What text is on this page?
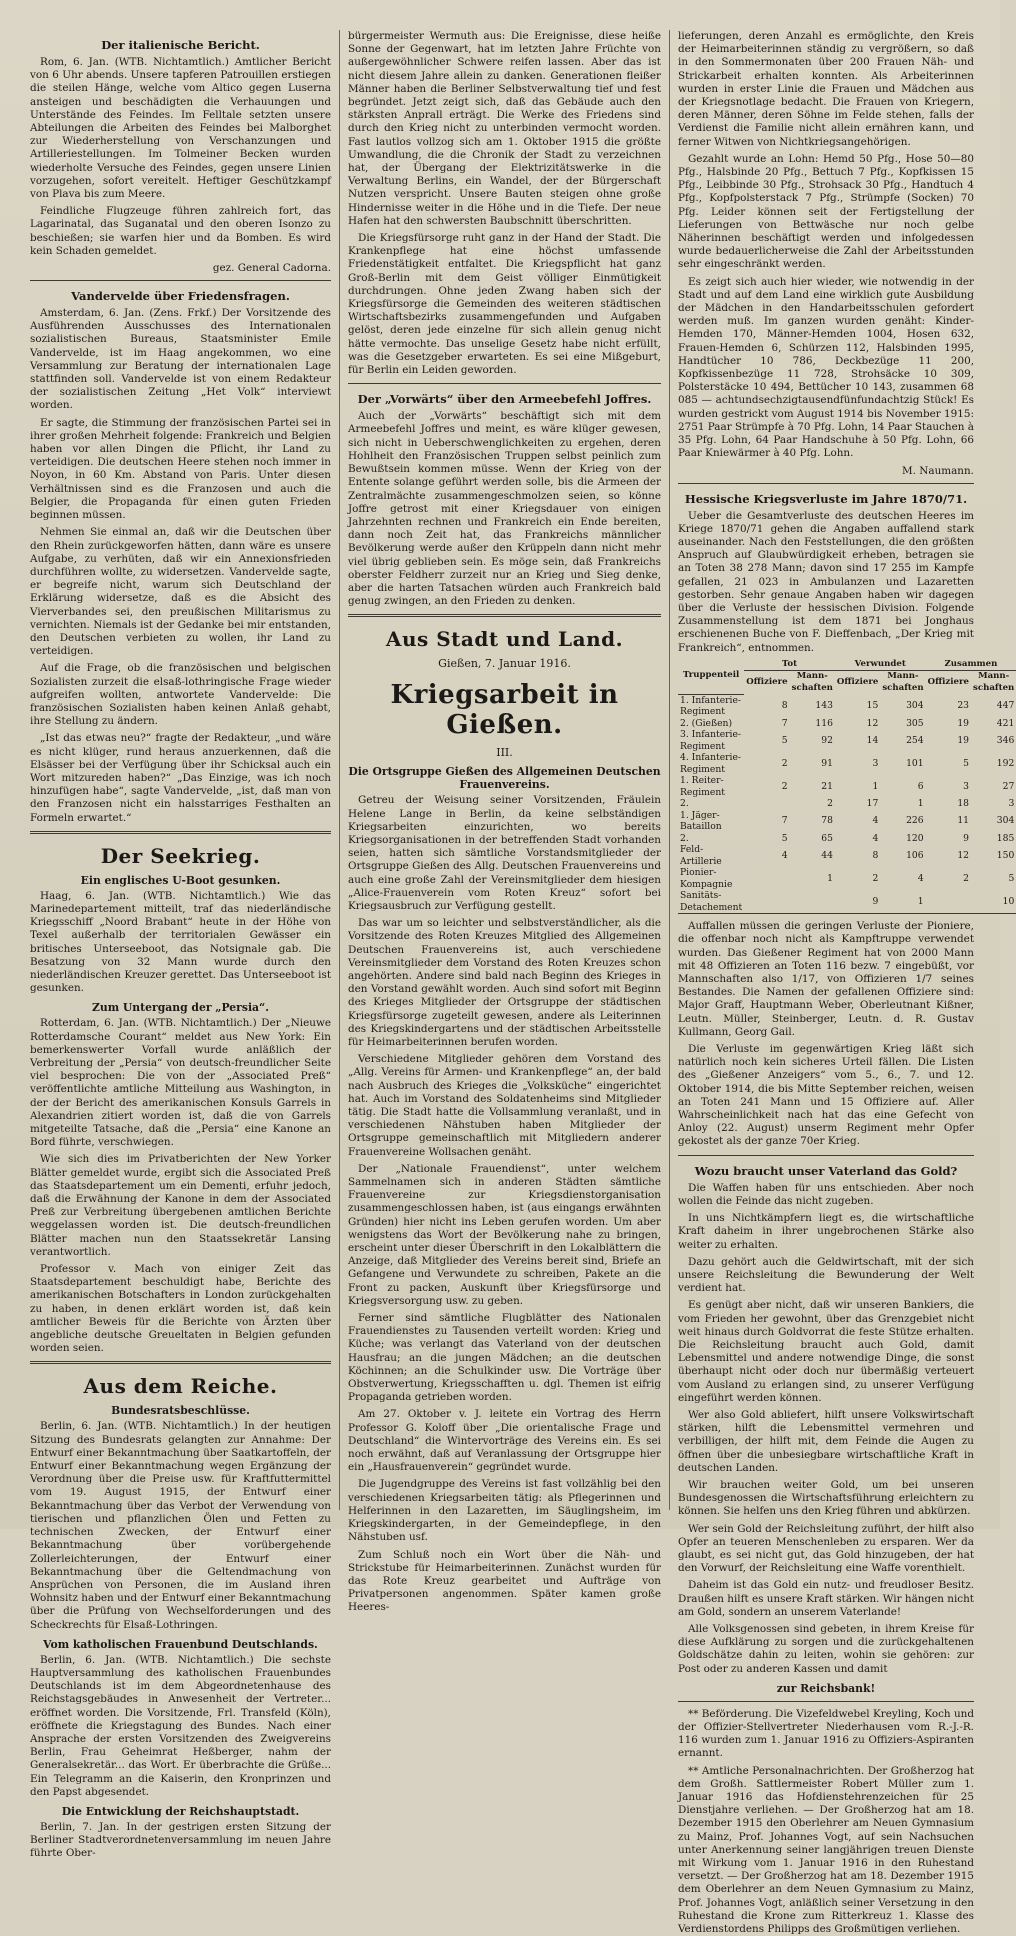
Der italienische Bericht.

Rom, 6. Jan. (WTB. Nichtamtlich.) Amtlicher Bericht von 6 Uhr abends. Unsere tapferen Patrouillen erstiegen die steilen Hänge, welche vom Altico gegen Luserna ansteigen und beschädigten die Verhauungen und Unterstände des Feindes. Im Felltale setzten unsere Abteilungen die Arbeiten des Feindes bei Malborghet zur Wiederherstellung von Verschanzungen und Artilleriestellungen. Im Tolmeiner Becken wurden wiederholte Versuche des Feindes, gegen unsere Linien vorzugehen, sofort vereitelt. Heftiger Geschützkampf von Plava bis zum Meere.

Feindliche Flugzeuge führen zahlreich fort, das Lagarinatal, das Suganatal und den oberen Isonzo zu beschießen; sie warfen hier und da Bomben. Es wird kein Schaden gemeldet.

gez. General Cadorna.
Vandervelde über Friedensfragen.

Amsterdam, 6. Jan. (Zens. Frkf.) Der Vorsitzende des Ausführenden Ausschusses des Internationalen sozialistischen Bureaus, Staatsminister Emile Vandervelde, ist im Haag angekommen, wo eine Versammlung zur Beratung der internationalen Lage stattfinden soll. Vandervelde ist von einem Redakteur der sozialistischen Zeitung „Het Volk“ interviewt worden.

Er sagte, die Stimmung der französischen Partei sei in ihrer großen Mehrheit folgende: Frankreich und Belgien haben vor allen Dingen die Pflicht, ihr Land zu verteidigen. Die deutschen Heere stehen noch immer in Noyon, in 60 Km. Abstand von Paris. Unter diesen Verhältnissen sind es die Franzosen und auch die Belgier, die Propaganda für einen guten Frieden beginnen müssen.

Nehmen Sie einmal an, daß wir die Deutschen über den Rhein zurückgeworfen hätten, dann wäre es unsere Aufgabe, zu verhüten, daß wir ein Annexionsfrieden durchführen wollte, zu widersetzen. Vandervelde sagte, er begreife nicht, warum sich Deutschland der Erklärung widersetze, daß es die Absicht des Vierverbandes sei, den preußischen Militarismus zu vernichten. Niemals ist der Gedanke bei mir entstanden, den Deutschen verbieten zu wollen, ihr Land zu verteidigen.

Auf die Frage, ob die französischen und belgischen Sozialisten zurzeit die elsaß-lothringische Frage wieder aufgreifen wollten, antwortete Vandervelde: Die französischen Sozialisten haben keinen Anlaß gehabt, ihre Stellung zu ändern.

„Ist das etwas neu?“ fragte der Redakteur, „und wäre es nicht klüger, rund heraus anzuerkennen, daß die Elsässer bei der Verfügung über ihr Schicksal auch ein Wort mitzureden haben?“ „Das Einzige, was ich noch hinzufügen habe“, sagte Vandervelde, „ist, daß man von den Franzosen nicht ein halsstarriges Festhalten an Formeln erwartet.“

Der Seekrieg.
Ein englisches U-Boot gesunken.

Haag, 6. Jan. (WTB. Nichtamtlich.) Wie das Marinedepartement mitteilt, traf das niederländische Kriegsschiff „Noord Brabant“ heute in der Höhe von Texel außerhalb der territorialen Gewässer ein britisches Unterseeboot, das Notsignale gab. Die Besatzung von 32 Mann wurde durch den niederländischen Kreuzer gerettet. Das Unterseeboot ist gesunken.

Zum Untergang der „Persia“.

Rotterdam, 6. Jan. (WTB. Nichtamtlich.) Der „Nieuwe Rotterdamsche Courant“ meldet aus New York: Ein bemerkenswerter Vorfall wurde anläßlich der Verbreitung der „Persia“ von deutsch-freundlicher Seite viel besprochen: Die von der „Associated Preß“ veröffentlichte amtliche Mitteilung aus Washington, in der der Bericht des amerikanischen Konsuls Garrels in Alexandrien zitiert worden ist, daß die von Garrels mitgeteilte Tatsache, daß die „Persia“ eine Kanone an Bord führte, verschwiegen.

Wie sich dies im Privatberichten der New Yorker Blätter gemeldet wurde, ergibt sich die Associated Preß das Staatsdepartement um ein Dementi, erfuhr jedoch, daß die Erwähnung der Kanone in dem der Associated Preß zur Verbreitung übergebenen amtlichen Berichte weggelassen worden ist. Die deutsch-freundlichen Blätter machen nun den Staatssekretär Lansing verantwortlich.

Professor v. Mach von einiger Zeit das Staatsdepartement beschuldigt habe, Berichte des amerikanischen Botschafters in London zurückgehalten zu haben, in denen erklärt worden ist, daß kein amtlicher Beweis für die Berichte von Ärzten über angebliche deutsche Greueltaten in Belgien gefunden worden seien.

Aus dem Reiche.
Bundesratsbeschlüsse.

Berlin, 6. Jan. (WTB. Nichtamtlich.) In der heutigen Sitzung des Bundesrats gelangten zur Annahme: Der Entwurf einer Bekanntmachung über Saatkartoffeln, der Entwurf einer Bekanntmachung wegen Ergänzung der Verordnung über die Preise usw. für Kraftfuttermittel vom 19. August 1915, der Entwurf einer Bekanntmachung über das Verbot der Verwendung von tierischen und pflanzlichen Ölen und Fetten zu technischen Zwecken, der Entwurf einer Bekanntmachung über vorübergehende Zollerleichterungen, der Entwurf einer Bekanntmachung über die Geltendmachung von Ansprüchen von Personen, die im Ausland ihren Wohnsitz haben und der Entwurf einer Bekanntmachung über die Prüfung von Wechselforderungen und des Scheckrechts für Elsaß-Lothringen.

Vom katholischen Frauenbund Deutschlands.

Berlin, 6. Jan. (WTB. Nichtamtlich.) Die sechste Hauptversammlung des katholischen Frauenbundes Deutschlands ist im dem Abgeordnetenhause des Reichstagsgebäudes in Anwesenheit der Vertreter... eröffnet worden. Die Vorsitzende, Frl. Transfeld (Köln), eröffnete die Kriegstagung des Bundes. Nach einer Ansprache der ersten Vorsitzenden des Zweigvereins Berlin, Frau Geheimrat Heßberger, nahm der Generalsekretär... das Wort. Er überbrachte die Grüße... Ein Telegramm an die Kaiserin, den Kronprinzen und den Papst abgesendet.

Die Entwicklung der Reichshauptstadt.

Berlin, 7. Jan. In der gestrigen ersten Sitzung der Berliner Stadtverordnetenversammlung im neuen Jahre führte Ober-

bürgermeister Wermuth aus: Die Ereignisse, diese heiße Sonne der Gegenwart, hat im letzten Jahre Früchte von außergewöhnlicher Schwere reifen lassen. Aber das ist nicht diesem Jahre allein zu danken. Generationen fleißer Männer haben die Berliner Selbstverwaltung tief und fest begründet. Jetzt zeigt sich, daß das Gebäude auch den stärksten Anprall erträgt. Die Werke des Friedens sind durch den Krieg nicht zu unterbinden vermocht worden. Fast lautlos vollzog sich am 1. Oktober 1915 die größte Umwandlung, die die Chronik der Stadt zu verzeichnen hat, der Übergang der Elektrizitätswerke in die Verwaltung Berlins, ein Wandel, der der Bürgerschaft Nutzen verspricht. Unsere Bauten steigen ohne große Hindernisse weiter in die Höhe und in die Tiefe. Der neue Hafen hat den schwersten Baubschnitt überschritten.

Die Kriegsfürsorge ruht ganz in der Hand der Stadt. Die Krankenpflege hat eine höchst umfassende Friedenstätigkeit entfaltet. Die Kriegspflicht hat ganz Groß-Berlin mit dem Geist völliger Einmütigkeit durchdrungen. Ohne jeden Zwang haben sich der Kriegsfürsorge die Gemeinden des weiteren städtischen Wirtschaftsbezirks zusammengefunden und Aufgaben gelöst, deren jede einzelne für sich allein genug nicht hätte vermochte. Das unselige Gesetz habe nicht erfüllt, was die Gesetzgeber erwarteten. Es sei eine Mißgeburt, für Berlin ein Leiden geworden.

Der „Vorwärts“ über den Armeebefehl Joffres.

Auch der „Vorwärts“ beschäftigt sich mit dem Armeebefehl Joffres und meint, es wäre klüger gewesen, sich nicht in Ueberschwenglichkeiten zu ergehen, deren Hohlheit den Französischen Truppen selbst peinlich zum Bewußtsein kommen müsse. Wenn der Krieg von der Entente solange geführt werden solle, bis die Armeen der Zentralmächte zusammengeschmolzen seien, so könne Joffre getrost mit einer Kriegsdauer von einigen Jahrzehnten rechnen und Frankreich ein Ende bereiten, dann noch Zeit hat, das Frankreichs männlicher Bevölkerung werde außer den Krüppeln dann nicht mehr viel übrig geblieben sein. Es möge sein, daß Frankreichs oberster Feldherr zurzeit nur an Krieg und Sieg denke, aber die harten Tatsachen würden auch Frankreich bald genug zwingen, an den Frieden zu denken.

Aus Stadt und Land.
Gießen, 7. Januar 1916.
Kriegsarbeit in Gießen.
III.
Die Ortsgruppe Gießen des Allgemeinen Deutschen Frauenvereins.

Getreu der Weisung seiner Vorsitzenden, Fräulein Helene Lange in Berlin, da keine selbständigen Kriegsarbeiten einzurichten, wo bereits Kriegsorganisationen in der betreffenden Stadt vorhanden seien, hatten sich sämtliche Vorstandsmitglieder der Ortsgruppe Gießen des Allg. Deutschen Frauenvereins und auch eine große Zahl der Vereinsmitglieder dem hiesigen „Alice-Frauenverein vom Roten Kreuz“ sofort bei Kriegsausbruch zur Verfügung gestellt.

Das war um so leichter und selbstverständlicher, als die Vorsitzende des Roten Kreuzes Mitglied des Allgemeinen Deutschen Frauenvereins ist, auch verschiedene Vereinsmitglieder dem Vorstand des Roten Kreuzes schon angehörten. Andere sind bald nach Beginn des Krieges in den Vorstand gewählt worden. Auch sind sofort mit Beginn des Krieges Mitglieder der Ortsgruppe der städtischen Kriegsfürsorge zugeteilt gewesen, andere als Leiterinnen des Kriegskindergartens und der städtischen Arbeitsstelle für Heimarbeiterinnen berufen worden.

Verschiedene Mitglieder gehören dem Vorstand des „Allg. Vereins für Armen- und Krankenpflege“ an, der bald nach Ausbruch des Krieges die „Volksküche“ eingerichtet hat. Auch im Vorstand des Soldatenheims sind Mitglieder tätig. Die Stadt hatte die Vollsammlung veranlaßt, und in verschiedenen Nähstuben haben Mitglieder der Ortsgruppe gemeinschaftlich mit Mitgliedern anderer Frauenvereine Wollsachen genäht.

Der „Nationale Frauendienst“, unter welchem Sammelnamen sich in anderen Städten sämtliche Frauenvereine zur Kriegsdienstorganisation zusammengeschlossen haben, ist (aus eingangs erwähnten Gründen) hier nicht ins Leben gerufen worden. Um aber wenigstens das Wort der Bevölkerung nahe zu bringen, erscheint unter dieser Überschrift in den Lokalblättern die Anzeige, daß Mitglieder des Vereins bereit sind, Briefe an Gefangene und Verwundete zu schreiben, Pakete an die Front zu packen, Auskunft über Kriegsfürsorge und Kriegsversorgung usw. zu geben.

Ferner sind sämtliche Flugblätter des Nationalen Frauendienstes zu Tausenden verteilt worden: Krieg und Küche; was verlangt das Vaterland von der deutschen Hausfrau; an die jungen Mädchen; an die deutschen Köchinnen; an die Schulkinder usw. Die Vorträge über Obstverwertung, Kriegsschafften u. dgl. Themen ist eifrig Propaganda getrieben worden.

Am 27. Oktober v. J. leitete ein Vortrag des Herrn Professor G. Koloff über „Die orientalische Frage und Deutschland“ die Wintervorträge des Vereins ein. Es sei noch erwähnt, daß auf Veranlassung der Ortsgruppe hier ein „Hausfrauenverein“ gegründet wurde.

Die Jugendgruppe des Vereins ist fast vollzählig bei den verschiedenen Kriegsarbeiten tätig: als Pflegerinnen und Helferinnen in den Lazaretten, im Säuglingsheim, im Kriegskindergarten, in der Gemeindepflege, in den Nähstuben usf.

Zum Schluß noch ein Wort über die Näh- und Strickstube für Heimarbeiterinnen. Zunächst wurden für das Rote Kreuz gearbeitet und Aufträge von Privatpersonen angenommen. Später kamen große Heeres-

lieferungen, deren Anzahl es ermöglichte, den Kreis der Heimarbeiterinnen ständig zu vergrößern, so daß in den Sommermonaten über 200 Frauen Näh- und Strickarbeit erhalten konnten. Als Arbeiterinnen wurden in erster Linie die Frauen und Mädchen aus der Kriegsnotlage bedacht. Die Frauen von Kriegern, deren Männer, deren Söhne im Felde stehen, falls der Verdienst die Familie nicht allein ernähren kann, und ferner Witwen von Nichtkriegsangehörigen.

Gezahlt wurde an Lohn: Hemd 50 Pfg., Hose 50—80 Pfg., Halsbinde 20 Pfg., Bettuch 7 Pfg., Kopfkissen 15 Pfg., Leibbinde 30 Pfg., Strohsack 30 Pfg., Handtuch 4 Pfg., Kopfpolsterstack 7 Pfg., Strümpfe (Socken) 70 Pfg. Leider können seit der Fertigstellung der Lieferungen von Bettwäsche nur noch gelbe Näherinnen beschäftigt werden und infolgedessen wurde bedauerlicherweise die Zahl der Arbeitsstunden sehr eingeschränkt werden.

Es zeigt sich auch hier wieder, wie notwendig in der Stadt und auf dem Land eine wirklich gute Ausbildung der Mädchen in den Handarbeitsschulen gefordert werden muß. Im ganzen wurden genäht: Kinder-Hemden 170, Männer-Hemden 1004, Hosen 632, Frauen-Hemden 6, Schürzen 112, Halsbinden 1995, Handtücher 10 786, Deckbezüge 11 200, Kopfkissenbezüge 11 728, Strohsäcke 10 309, Polsterstäcke 10 494, Bettücher 10 143, zusammen 68 085 — achtundsechzigtausendfünfundachtzig Stück! Es wurden gestrickt vom August 1914 bis November 1915: 2751 Paar Strümpfe à 70 Pfg. Lohn, 14 Paar Stauchen à 35 Pfg. Lohn, 64 Paar Handschuhe à 50 Pfg. Lohn, 66 Paar Kniewärmer à 40 Pfg. Lohn.

M. Naumann.
Hessische Kriegsverluste im Jahre 1870/71.

Ueber die Gesamtverluste des deutschen Heeres im Kriege 1870/71 gehen die Angaben auffallend stark auseinander. Nach den Feststellungen, die den größten Anspruch auf Glaubwürdigkeit erheben, betragen sie an Toten 38 278 Mann; davon sind 17 255 im Kampfe gefallen, 21 023 in Ambulanzen und Lazaretten gestorben. Sehr genaue Angaben haben wir dagegen über die Verluste der hessischen Division. Folgende Zusammenstellung ist dem 1871 bei Jonghaus erschienenen Buche von F. Dieffenbach, „Der Krieg mit Frankreich“, entnommen.

Truppenteil	Tot		Verwundet		Zusammen	
	Offiziere	Mann-schaften	Offiziere	Mann-schaften	Offiziere	Mann-schaften
1. Infanterie-Regiment	8	143	15	304	23	447
2. (Gießen)	7	116	12	305	19	421
3. Infanterie-Regiment	5	92	14	254	19	346
4. Infanterie-Regiment	2	91	3	101	5	192
1. Reiter-Regiment	2	21	1	6	3	27
2.		2	17	1	18	3
1. Jäger-Bataillon	7	78	4	226	11	304
2.	5	65	4	120	9	185
Feld-Artillerie	4	44	8	106	12	150
Pionier-Kompagnie		1	2	4	2	5
Sanitäts-Detachement			9	1		10

Auffallen müssen die geringen Verluste der Pioniere, die offenbar noch nicht als Kampftruppe verwendet wurden. Das Gießener Regiment hat von 2000 Mann mit 48 Offizieren an Toten 116 bezw. 7 eingebüßt, vor Mannschaften also 1/17, von Offizieren 1/7 seines Bestandes. Die Namen der gefallenen Offiziere sind: Major Graff, Hauptmann Weber, Oberleutnant Kißner, Leutn. Müller, Steinberger, Leutn. d. R. Gustav Kullmann, Georg Gail.

Die Verluste im gegenwärtigen Krieg läßt sich natürlich noch kein sicheres Urteil fällen. Die Listen des „Gießener Anzeigers“ vom 5., 6., 7. und 12. Oktober 1914, die bis Mitte September reichen, weisen an Toten 241 Mann und 15 Offiziere auf. Aller Wahrscheinlichkeit nach hat das eine Gefecht von Anloy (22. August) unserm Regiment mehr Opfer gekostet als der ganze 70er Krieg.

Wozu braucht unser Vaterland das Gold?

Die Waffen haben für uns entschieden. Aber noch wollen die Feinde das nicht zugeben.

In uns Nichtkämpfern liegt es, die wirtschaftliche Kraft daheim in ihrer ungebrochenen Stärke also weiter zu erhalten.

Dazu gehört auch die Geldwirtschaft, mit der sich unsere Reichsleitung die Bewunderung der Welt verdient hat.

Es genügt aber nicht, daß wir unseren Bankiers, die vom Frieden her gewohnt, über das Grenzgebiet nicht weit hinaus durch Goldvorrat die feste Stütze erhalten. Die Reichsleitung braucht auch Gold, damit Lebensmittel und andere notwendige Dinge, die sonst überhaupt nicht oder doch nur übermäßig verteuert vom Ausland zu erlangen sind, zu unserer Verfügung eingeführt werden können.

Wer also Gold abliefert, hilft unsere Volkswirtschaft stärken, hilft die Lebensmittel vermehren und verbilligen, der hilft mit, dem Feinde die Augen zu öffnen über die unbesiegbare wirtschaftliche Kraft in deutschen Landen.

Wir brauchen weiter Gold, um bei unseren Bundesgenossen die Wirtschaftsführung erleichtern zu können. Sie helfen uns den Krieg führen und abkürzen.

Wer sein Gold der Reichsleitung zuführt, der hilft also Opfer an teueren Menschenleben zu ersparen. Wer da glaubt, es sei nicht gut, das Gold hinzugeben, der hat den Vorwurf, der Reichsleitung eine Waffe vorenthielt.

Daheim ist das Gold ein nutz- und freudloser Besitz. Draußen hilft es unsere Kraft stärken. Wir hängen nicht am Gold, sondern an unserem Vaterlande!

Alle Volksgenossen sind gebeten, in ihrem Kreise für diese Aufklärung zu sorgen und die zurückgehaltenen Goldschätze dahin zu leiten, wohin sie gehören: zur Post oder zu anderen Kassen und damit

zur Reichsbank!

** Beförderung. Die Vizefeldwebel Kreyling, Koch und der Offizier-Stellvertreter Niederhausen vom R.-J.-R. 116 wurden zum 1. Januar 1916 zu Offiziers-Aspiranten ernannt.

** Amtliche Personalnachrichten. Der Großherzog hat dem Großh. Sattlermeister Robert Müller zum 1. Januar 1916 das Hofdienstehrenzeichen für 25 Dienstjahre verliehen. — Der Großherzog hat am 18. Dezember 1915 den Oberlehrer am Neuen Gymnasium zu Mainz, Prof. Johannes Vogt, auf sein Nachsuchen unter Anerkennung seiner langjährigen treuen Dienste mit Wirkung vom 1. Januar 1916 in den Ruhestand versetzt. — Der Großherzog hat am 18. Dezember 1915 dem Oberlehrer an dem Neuen Gymnasium zu Mainz, Prof. Johannes Vogt, anläßlich seiner Versetzung in den Ruhestand die Krone zum Ritterkreuz 1. Klasse des Verdienstordens Philipps des Großmütigen verliehen.
